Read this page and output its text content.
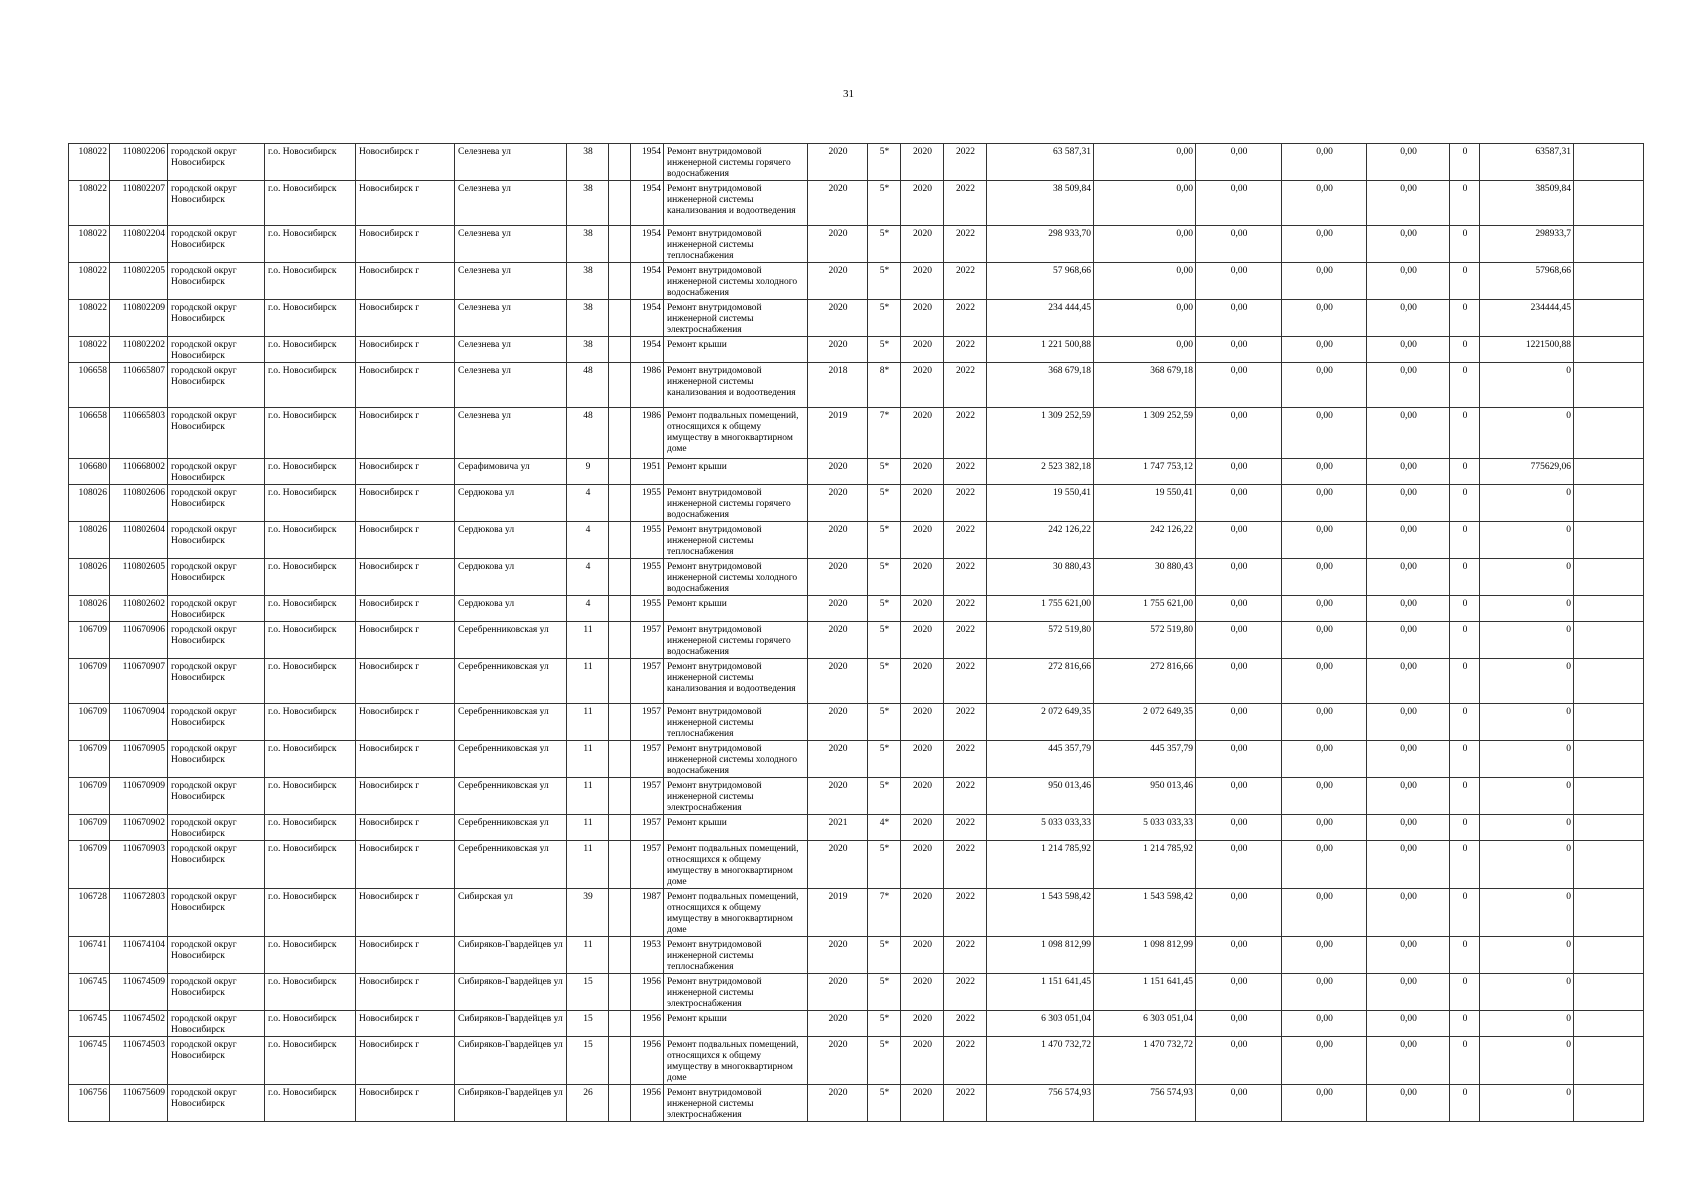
31
108022	110802206	городской округ Новосибирск	г.о. Новосибирск	Новосибирск г	Селезнева ул	38		1954	Ремонт внутридомовой инженерной системы горячего водоснабжения	2020	5*	2020	2022	63 587,31	0,00	0,00	0,00	0,00	0	63587,31	
108022	110802207	городской округ Новосибирск	г.о. Новосибирск	Новосибирск г	Селезнева ул	38		1954	Ремонт внутридомовой инженерной системы канализования и водоотведения	2020	5*	2020	2022	38 509,84	0,00	0,00	0,00	0,00	0	38509,84	
108022	110802204	городской округ Новосибирск	г.о. Новосибирск	Новосибирск г	Селезнева ул	38		1954	Ремонт внутридомовой инженерной системы теплоснабжения	2020	5*	2020	2022	298 933,70	0,00	0,00	0,00	0,00	0	298933,7	
108022	110802205	городской округ Новосибирск	г.о. Новосибирск	Новосибирск г	Селезнева ул	38		1954	Ремонт внутридомовой инженерной системы холодного водоснабжения	2020	5*	2020	2022	57 968,66	0,00	0,00	0,00	0,00	0	57968,66	
108022	110802209	городской округ Новосибирск	г.о. Новосибирск	Новосибирск г	Селезнева ул	38		1954	Ремонт внутридомовой инженерной системы электроснабжения	2020	5*	2020	2022	234 444,45	0,00	0,00	0,00	0,00	0	234444,45	
108022	110802202	городской округ Новосибирск	г.о. Новосибирск	Новосибирск г	Селезнева ул	38		1954	Ремонт крыши	2020	5*	2020	2022	1 221 500,88	0,00	0,00	0,00	0,00	0	1221500,88	
106658	110665807	городской округ Новосибирск	г.о. Новосибирск	Новосибирск г	Селезнева ул	48		1986	Ремонт внутридомовой инженерной системы канализования и водоотведения	2018	8*	2020	2022	368 679,18	368 679,18	0,00	0,00	0,00	0	0	
106658	110665803	городской округ Новосибирск	г.о. Новосибирск	Новосибирск г	Селезнева ул	48		1986	Ремонт подвальных помещений, относящихся к общему имуществу в многоквартирном доме	2019	7*	2020	2022	1 309 252,59	1 309 252,59	0,00	0,00	0,00	0	0	
106680	110668002	городской округ Новосибирск	г.о. Новосибирск	Новосибирск г	Серафимовича ул	9		1951	Ремонт крыши	2020	5*	2020	2022	2 523 382,18	1 747 753,12	0,00	0,00	0,00	0	775629,06	
108026	110802606	городской округ Новосибирск	г.о. Новосибирск	Новосибирск г	Сердюкова ул	4		1955	Ремонт внутридомовой инженерной системы горячего водоснабжения	2020	5*	2020	2022	19 550,41	19 550,41	0,00	0,00	0,00	0	0	
108026	110802604	городской округ Новосибирск	г.о. Новосибирск	Новосибирск г	Сердюкова ул	4		1955	Ремонт внутридомовой инженерной системы теплоснабжения	2020	5*	2020	2022	242 126,22	242 126,22	0,00	0,00	0,00	0	0	
108026	110802605	городской округ Новосибирск	г.о. Новосибирск	Новосибирск г	Сердюкова ул	4		1955	Ремонт внутридомовой инженерной системы холодного водоснабжения	2020	5*	2020	2022	30 880,43	30 880,43	0,00	0,00	0,00	0	0	
108026	110802602	городской округ Новосибирск	г.о. Новосибирск	Новосибирск г	Сердюкова ул	4		1955	Ремонт крыши	2020	5*	2020	2022	1 755 621,00	1 755 621,00	0,00	0,00	0,00	0	0	
106709	110670906	городской округ Новосибирск	г.о. Новосибирск	Новосибирск г	Серебренниковская ул	11		1957	Ремонт внутридомовой инженерной системы горячего водоснабжения	2020	5*	2020	2022	572 519,80	572 519,80	0,00	0,00	0,00	0	0	
106709	110670907	городской округ Новосибирск	г.о. Новосибирск	Новосибирск г	Серебренниковская ул	11		1957	Ремонт внутридомовой инженерной системы канализования и водоотведения	2020	5*	2020	2022	272 816,66	272 816,66	0,00	0,00	0,00	0	0	
106709	110670904	городской округ Новосибирск	г.о. Новосибирск	Новосибирск г	Серебренниковская ул	11		1957	Ремонт внутридомовой инженерной системы теплоснабжения	2020	5*	2020	2022	2 072 649,35	2 072 649,35	0,00	0,00	0,00	0	0	
106709	110670905	городской округ Новосибирск	г.о. Новосибирск	Новосибирск г	Серебренниковская ул	11		1957	Ремонт внутридомовой инженерной системы холодного водоснабжения	2020	5*	2020	2022	445 357,79	445 357,79	0,00	0,00	0,00	0	0	
106709	110670909	городской округ Новосибирск	г.о. Новосибирск	Новосибирск г	Серебренниковская ул	11		1957	Ремонт внутридомовой инженерной системы электроснабжения	2020	5*	2020	2022	950 013,46	950 013,46	0,00	0,00	0,00	0	0	
106709	110670902	городской округ Новосибирск	г.о. Новосибирск	Новосибирск г	Серебренниковская ул	11		1957	Ремонт крыши	2021	4*	2020	2022	5 033 033,33	5 033 033,33	0,00	0,00	0,00	0	0	
106709	110670903	городской округ Новосибирск	г.о. Новосибирск	Новосибирск г	Серебренниковская ул	11		1957	Ремонт подвальных помещений, относящихся к общему имуществу в многоквартирном доме	2020	5*	2020	2022	1 214 785,92	1 214 785,92	0,00	0,00	0,00	0	0	
106728	110672803	городской округ Новосибирск	г.о. Новосибирск	Новосибирск г	Сибирская ул	39		1987	Ремонт подвальных помещений, относящихся к общему имуществу в многоквартирном доме	2019	7*	2020	2022	1 543 598,42	1 543 598,42	0,00	0,00	0,00	0	0	
106741	110674104	городской округ Новосибирск	г.о. Новосибирск	Новосибирск г	Сибиряков-Гвардейцев ул	11		1953	Ремонт внутридомовой инженерной системы теплоснабжения	2020	5*	2020	2022	1 098 812,99	1 098 812,99	0,00	0,00	0,00	0	0	
106745	110674509	городской округ Новосибирск	г.о. Новосибирск	Новосибирск г	Сибиряков-Гвардейцев ул	15		1956	Ремонт внутридомовой инженерной системы электроснабжения	2020	5*	2020	2022	1 151 641,45	1 151 641,45	0,00	0,00	0,00	0	0	
106745	110674502	городской округ Новосибирск	г.о. Новосибирск	Новосибирск г	Сибиряков-Гвардейцев ул	15		1956	Ремонт крыши	2020	5*	2020	2022	6 303 051,04	6 303 051,04	0,00	0,00	0,00	0	0	
106745	110674503	городской округ Новосибирск	г.о. Новосибирск	Новосибирск г	Сибиряков-Гвардейцев ул	15		1956	Ремонт подвальных помещений, относящихся к общему имуществу в многоквартирном доме	2020	5*	2020	2022	1 470 732,72	1 470 732,72	0,00	0,00	0,00	0	0	
106756	110675609	городской округ Новосибирск	г.о. Новосибирск	Новосибирск г	Сибиряков-Гвардейцев ул	26		1956	Ремонт внутридомовой инженерной системы электроснабжения	2020	5*	2020	2022	756 574,93	756 574,93	0,00	0,00	0,00	0	0	
